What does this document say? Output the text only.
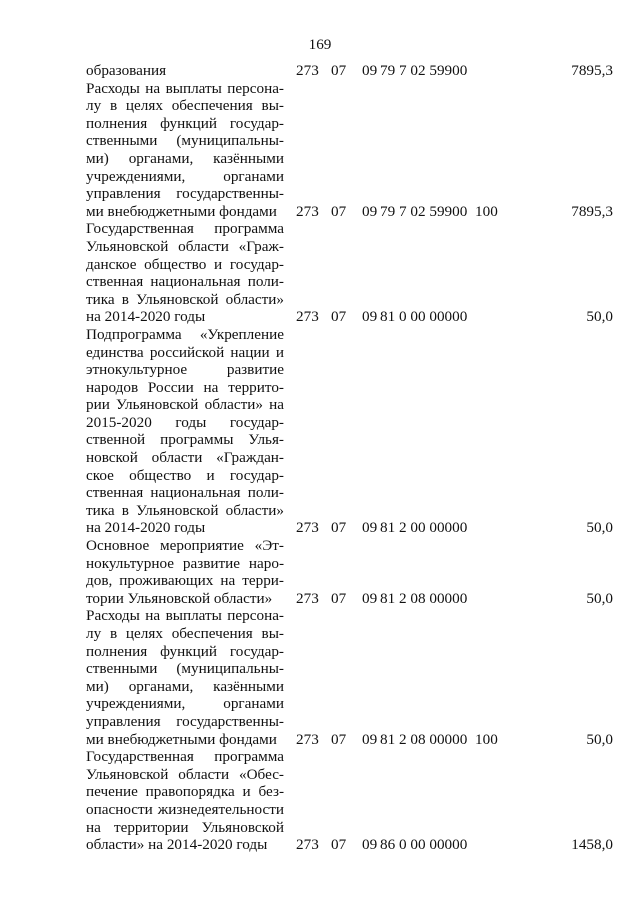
169
образования	273 07 09 79 7 02 59900	7895,3
Расходы на выплаты персона-
лу в целях обеспечения вы-
полнения функций государ-
ственными (муниципальны-
ми) органами, казёнными
учреждениями, органами
управления государственны-
ми внебюджетными фондами	273 07 09 79 7 02 59900 100	7895,3
Государственная программа
Ульяновской области «Граж-
данское общество и государ-
ственная национальная поли-
тика в Ульяновской области»
на 2014-2020 годы	273 07 09 81 0 00 00000	50,0
Подпрограмма «Укрепление
единства российской нации и
этнокультурное развитие
народов России на террито-
рии Ульяновской области» на
2015-2020 годы государ-
ственной программы Улья-
новской области «Граждан-
ское общество и государ-
ственная национальная поли-
тика в Ульяновской области»
на 2014-2020 годы	273 07 09 81 2 00 00000	50,0
Основное мероприятие «Эт-
нокультурное развитие наро-
дов, проживающих на терри-
тории Ульяновской области»	273 07 09 81 2 08 00000	50,0
Расходы на выплаты персона-
лу в целях обеспечения вы-
полнения функций государ-
ственными (муниципальны-
ми) органами, казёнными
учреждениями, органами
управления государственны-
ми внебюджетными фондами	273 07 09 81 2 08 00000 100	50,0
Государственная программа
Ульяновской области «Обес-
печение правопорядка и без-
опасности жизнедеятельности
на территории Ульяновской
области» на 2014-2020 годы	273 07 09 86 0 00 00000	1458,0
